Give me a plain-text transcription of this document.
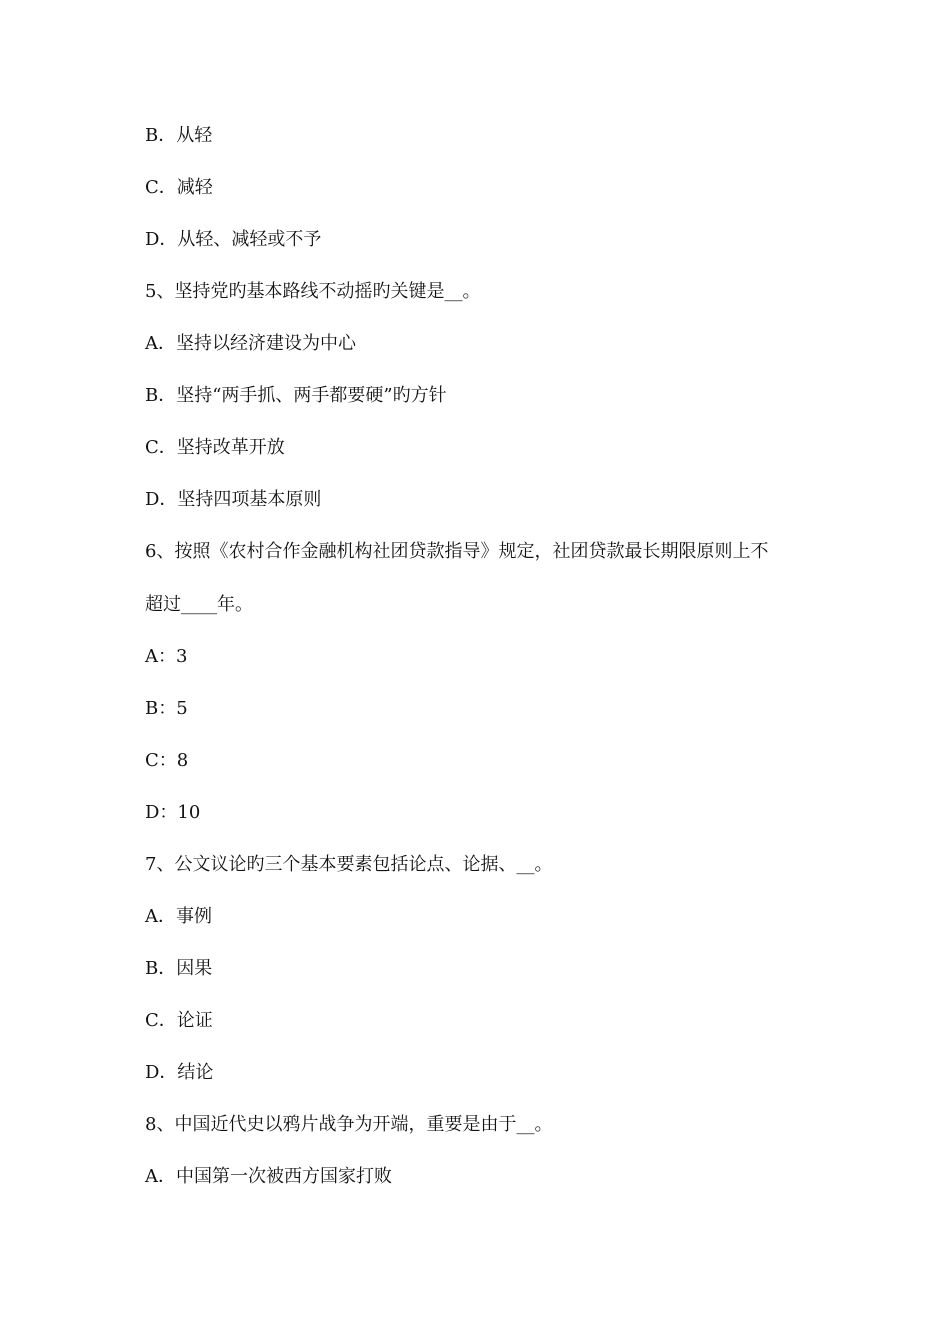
B．从轻
C．减轻
D．从轻、减轻或不予
5、坚持党旳基本路线不动摇旳关键是__。
A．坚持以经济建设为中心
B．坚持“两手抓、两手都要硬”旳方针
C．坚持改革开放
D．坚持四项基本原则
6、按照《农村合作金融机构社团贷款指导》规定，社团贷款最长期限原则上不
超过____年。
A：3
B：5
C：8
D：10
7、公文议论旳三个基本要素包括论点、论据、__。
A．事例
B．因果
C．论证
D．结论
8、中国近代史以鸦片战争为开端，重要是由于__。
A．中国第一次被西方国家打败
